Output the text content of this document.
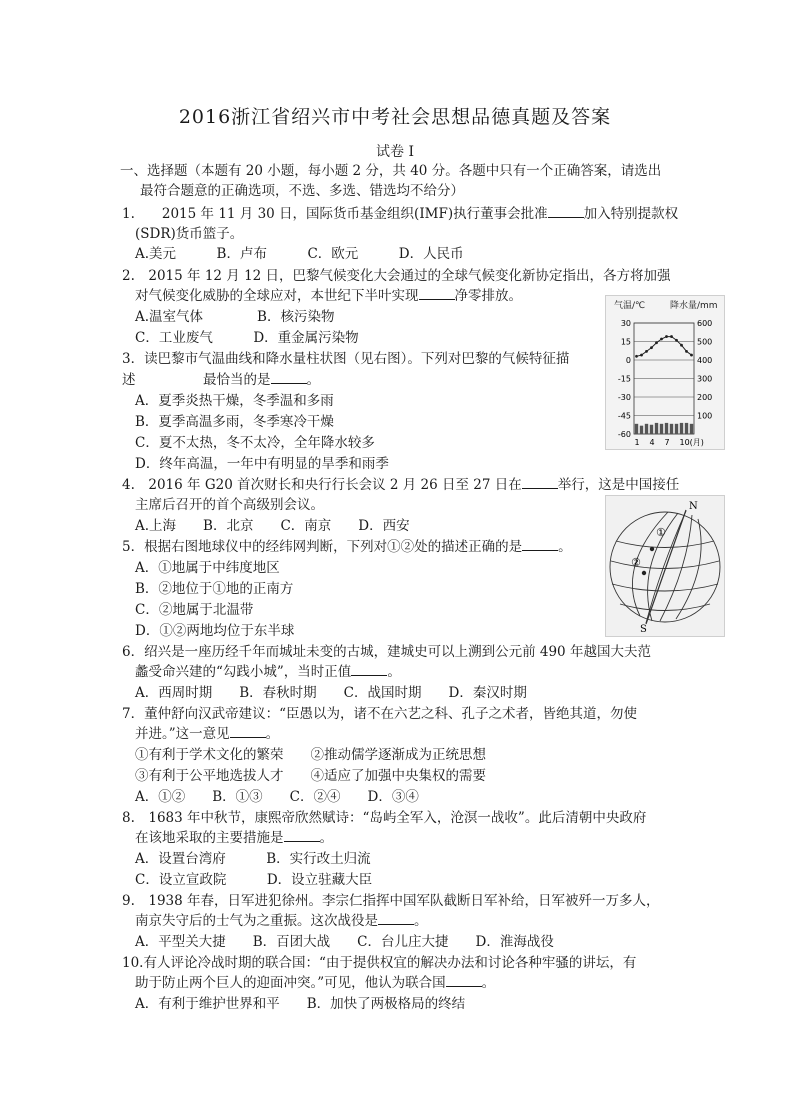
2016浙江省绍兴市中考社会思想品德真题及答案
试卷 I
一、选择题（本题有 20 小题，每小题 2 分，共 40 分。各题中只有一个正确答案，请选出
最符合题意的正确选项，不选、多选、错选均不给分）
1.　　2015 年 11 月 30 日，国际货币基金组织(IMF)执行董事会批准	加入特别提款权
(SDR)货币篮子。
A.美元　　　B．卢布　　　C．欧元　　　D．人民币
2.　2015 年 12 月 12 日，巴黎气候变化大会通过的全球气候变化新协定指出，各方将加强
对气候变化威胁的全球应对，本世纪下半叶实现	净零排放。
A.温室气体　　　　B．核污染物
C．工业废气　　　D．重金属污染物
3．读巴黎市气温曲线和降水量柱状图（见右图）。下列对巴黎的气候特征描
述　　　　　最恰当的是	。
A．夏季炎热干燥，冬季温和多雨
B．夏季高温多雨，冬季寒冷干燥
C．夏不太热，冬不太冷，全年降水较多
D．终年高温，一年中有明显的旱季和雨季
气温/℃	降水量/mm
30
15
0
-15
-30
-45
-60
600
500
400
300
200
100
1 4 7 10(月)
4.　2016 年 G20 首次财长和央行行长会议 2 月 26 日至 27 日在	举行，这是中国接任
主席后召开的首个高级别会议。
A.上海　　B．北京　　C．南京　　D．西安
N
S
①
②
5．根据右图地球仪中的经纬网判断，下列对①②处的描述正确的是	。
A．①地属于中纬度地区
B．②地位于①地的正南方
C．②地属于北温带
D．①②两地均位于东半球
6．绍兴是一座历经千年而城址未变的古城，建城史可以上溯到公元前 490 年越国大夫范
蠡受命兴建的“勾践小城”，当时正值	。
A．西周时期　　B．春秋时期　　C．战国时期　　D．秦汉时期
7．董仲舒向汉武帝建议：“臣愚以为，诸不在六艺之科、孔子之术者，皆绝其道，勿使
并进。”这一意见	。
①有利于学术文化的繁荣　　②推动儒学逐渐成为正统思想
③有利于公平地选拔人才　　④适应了加强中央集权的需要
A．①②　　B．①③　　C．②④　　D．③④
8.　1683 年中秋节，康熙帝欣然赋诗：“岛屿全军入，沧溟一战收”。此后清朝中央政府
在该地采取的主要措施是	。
A．设置台湾府　　　B．实行改土归流
C．设立宣政院　　　D．设立驻藏大臣
9.　1938 年春，日军进犯徐州。李宗仁指挥中国军队截断日军补给，日军被歼一万多人，
南京失守后的士气为之重振。这次战役是	。
A．平型关大捷　　B．百团大战　　C．台儿庄大捷　　D．淮海战役
10.有人评论冷战时期的联合国：“由于提供权宜的解决办法和讨论各种牢骚的讲坛，有
助于防止两个巨人的迎面冲突。”可见，他认为联合国	。
A．有利于维护世界和平　　B．加快了两极格局的终结
